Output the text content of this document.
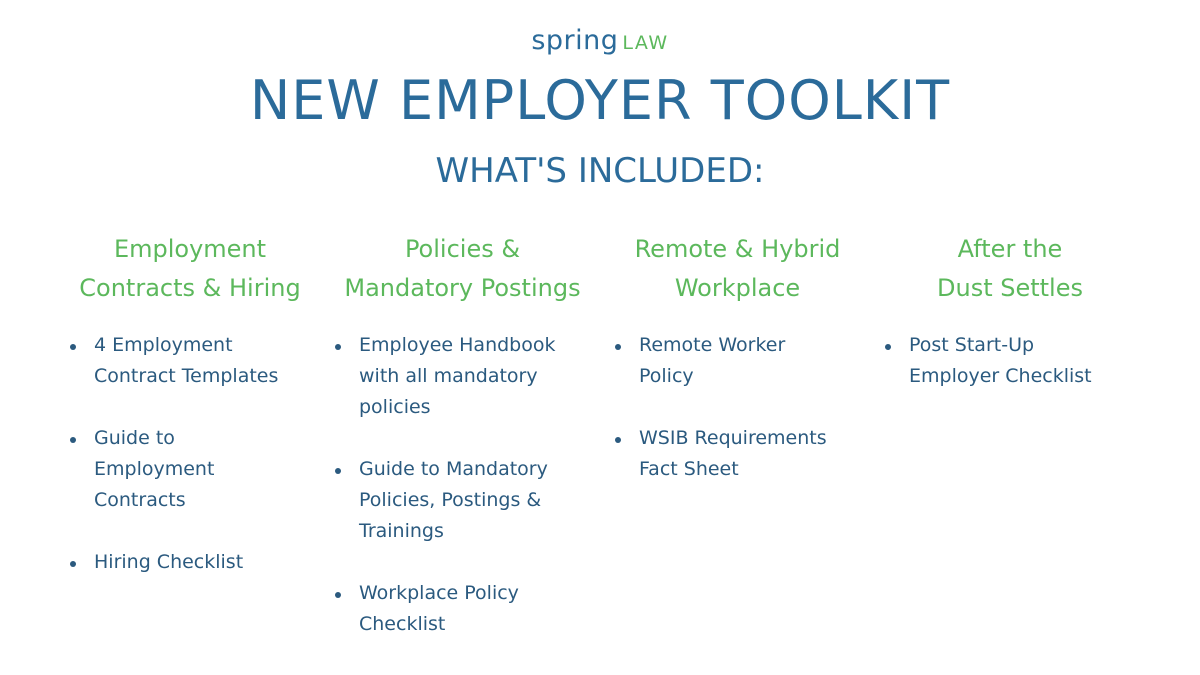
spring LAW
NEW EMPLOYER TOOLKIT
WHAT'S INCLUDED:
Employment
Contracts & Hiring
4 Employment
Contract Templates
Guide to
Employment
Contracts
Hiring Checklist
Policies &
Mandatory Postings
Employee Handbook
with all mandatory
policies
Guide to Mandatory
Policies, Postings &
Trainings
Workplace Policy
Checklist
Remote & Hybrid
Workplace
Remote Worker
Policy
WSIB Requirements
Fact Sheet
After the
Dust Settles
Post Start-Up
Employer Checklist
